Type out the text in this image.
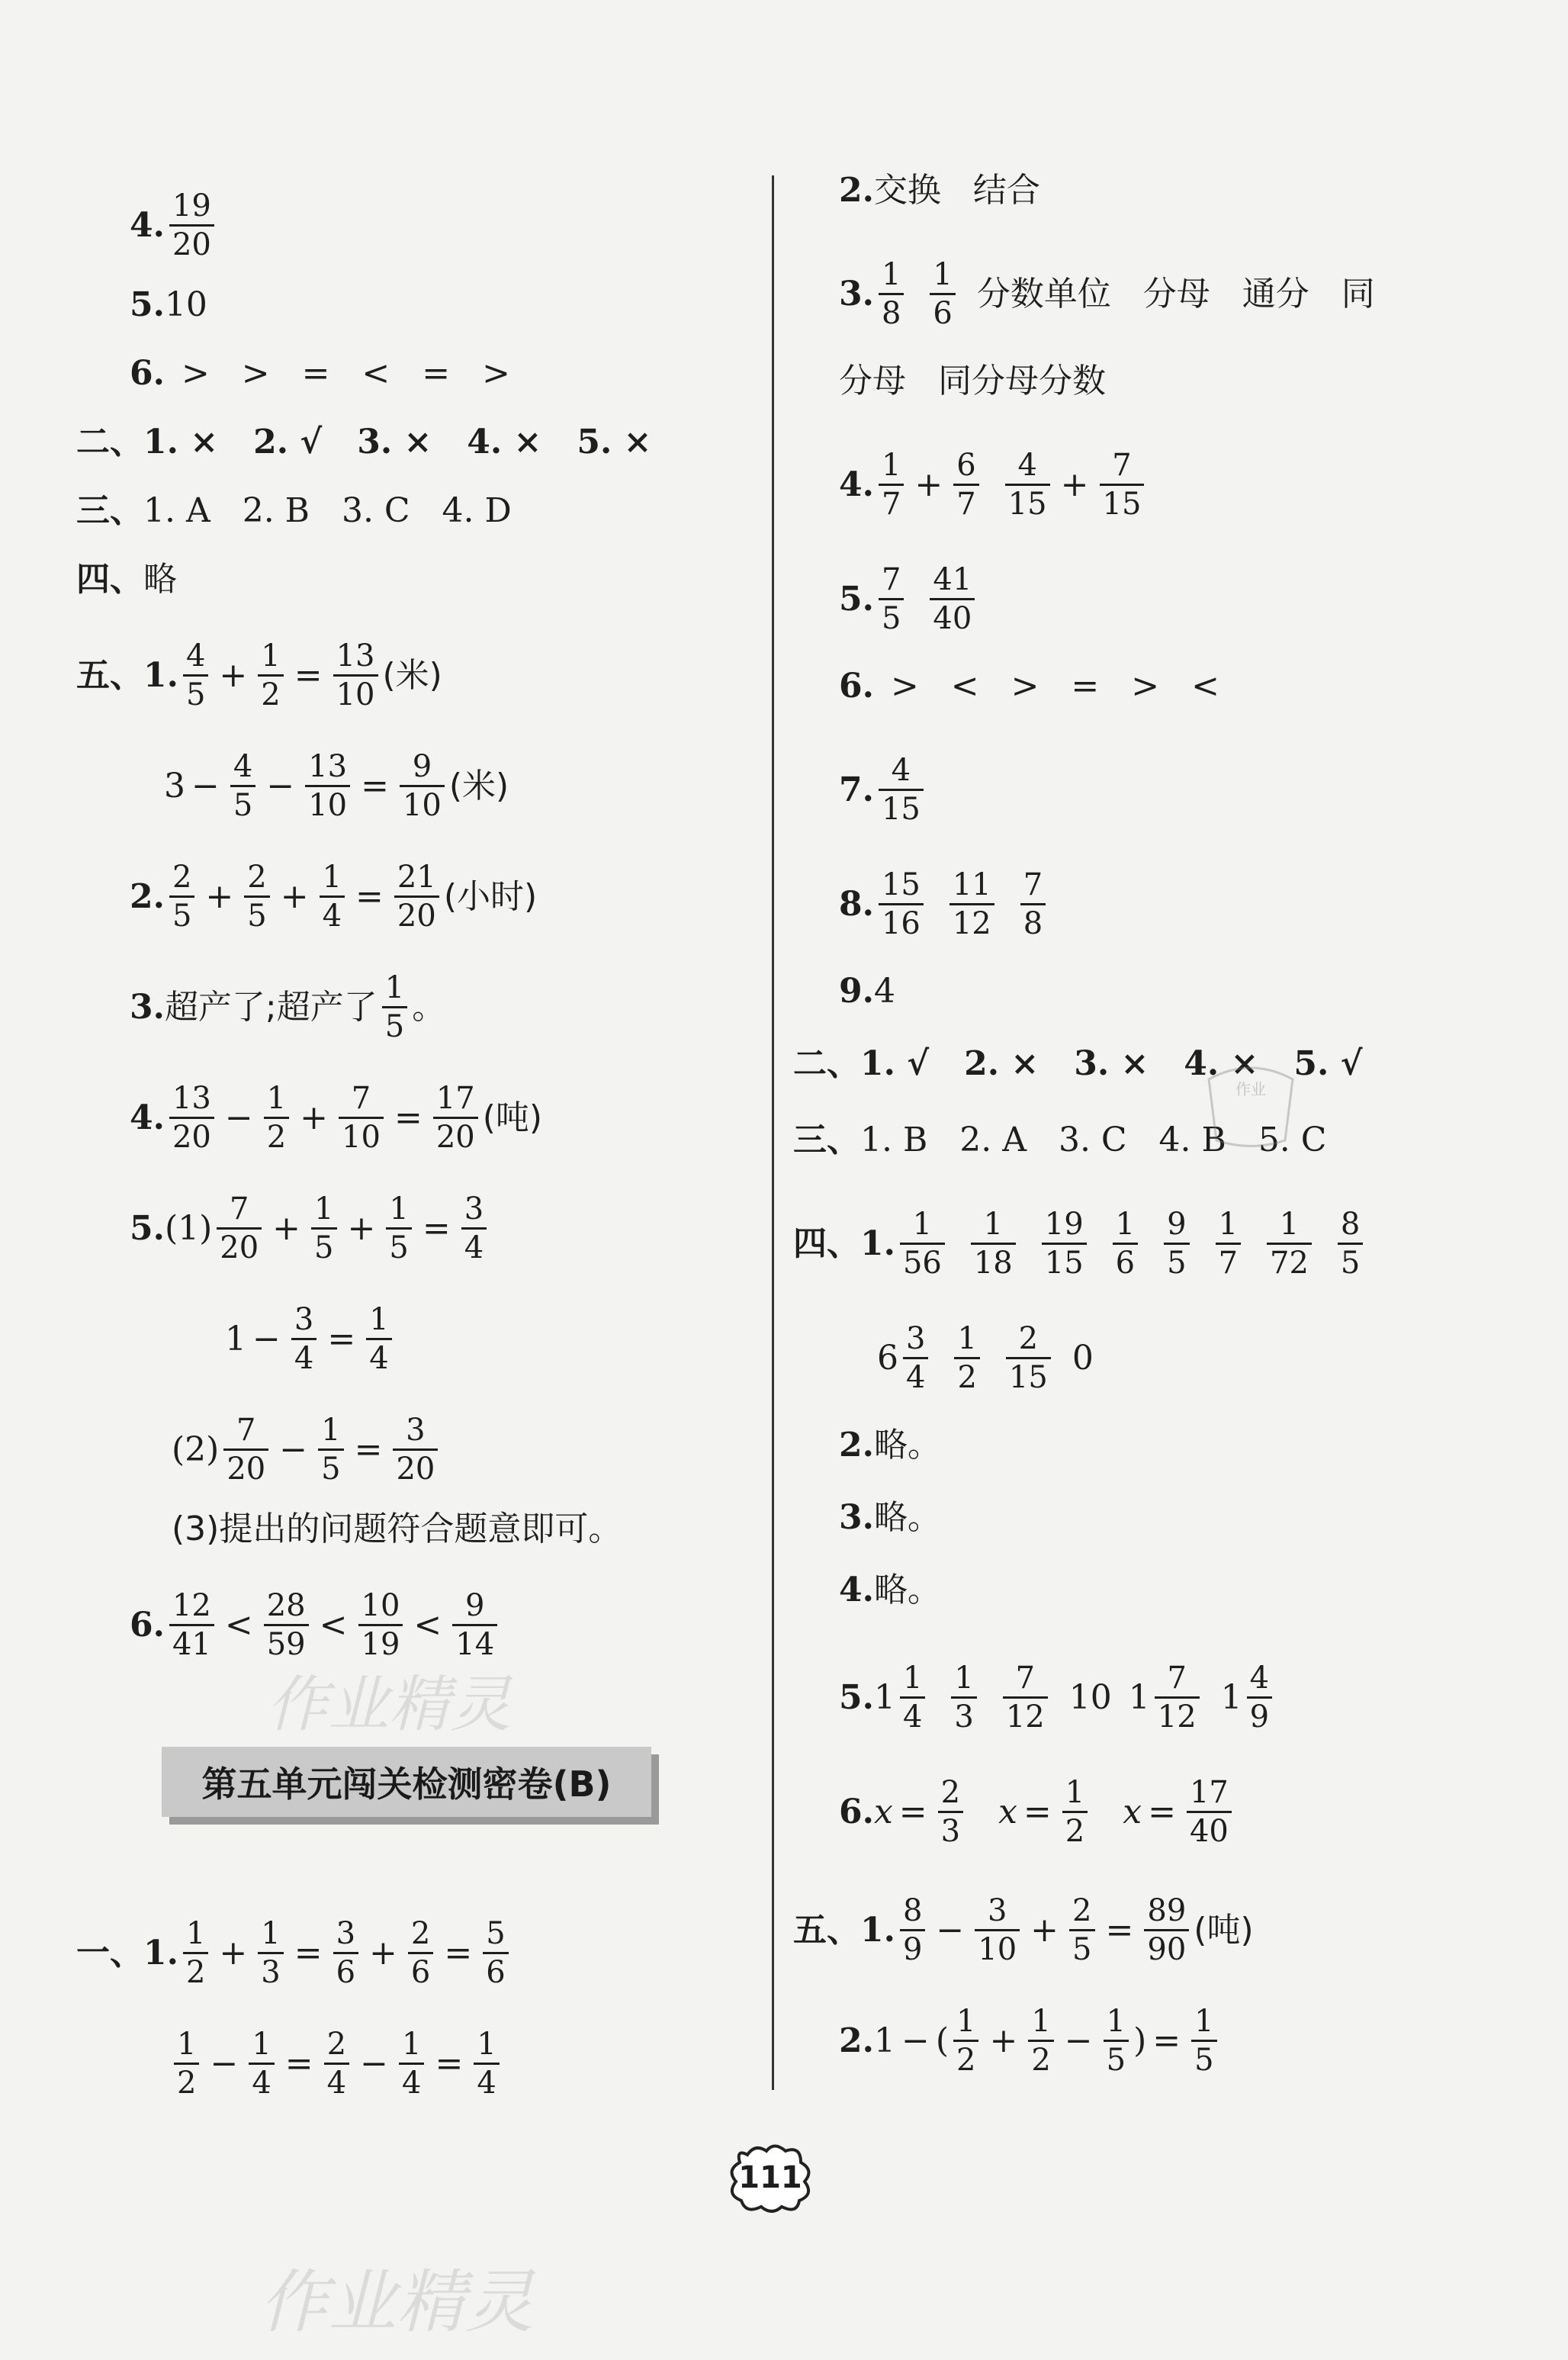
4. $\frac{19}{20}$
5. 10
6. >   >   =   <   =   >
二、 1. ×   2. √   3. ×   4. ×   5. ×
三、 1. A   2. B   3. C   4. D
四、 略
五、 1. $\frac{4}{5} + \frac{1}{2} = \frac{13}{10}$ (米)
$3 - \frac{4}{5} - \frac{13}{10} = \frac{9}{10}$ (米)
2. $\frac{2}{5} + \frac{2}{5} + \frac{1}{4} = \frac{21}{20}$ (小时)
3. 超产了;超产了 $\frac{1}{5}$ 。
4. $\frac{13}{20} - \frac{1}{2} + \frac{7}{10} = \frac{17}{20}$ (吨)
5. $(1) \frac{7}{20} + \frac{1}{5} + \frac{1}{5} = \frac{3}{4}$
$1 - \frac{3}{4} = \frac{1}{4}$
$(2) \frac{7}{20} - \frac{1}{5} = \frac{3}{20}$
(3)提出的问题符合题意即可。
6. $\frac{12}{41} < \frac{28}{59} < \frac{10}{19} < \frac{9}{14}$
作业精灵
第五单元闯关检测密卷(B)
一、 1. $\frac{1}{2} + \frac{1}{3} = \frac{3}{6} + \frac{2}{6} = \frac{5}{6}$
$\frac{1}{2} - \frac{1}{4} = \frac{2}{4} - \frac{1}{4} = \frac{1}{4}$
2. 交换   结合
3. $\frac{1}{8} \frac{1}{6}$ 分数单位   分母   通分   同
分母   同分母分数
4. $\frac{1}{7} + \frac{6}{7} \frac{4}{15} + \frac{7}{15}$
5. $\frac{7}{5} \frac{41}{40}$
6. >   <   >   =   >   <
7. $\frac{4}{15}$
8. $\frac{15}{16} \frac{11}{12} \frac{7}{8}$
9. 4
二、 1. √   2. ×   3. ×   4. ×   5. √
三、 1. B   2. A   3. C   4. B   5. C
作业
四、 1. $\frac{1}{56} \frac{1}{18} \frac{19}{15} \frac{1}{6} \frac{9}{5} \frac{1}{7} \frac{1}{72} \frac{8}{5}$
$6 \frac{3}{4} \frac{1}{2} \frac{2}{15} 0$
2. 略。
3. 略。
4. 略。
5. $1 \frac{1}{4} \frac{1}{3} \frac{7}{12} 10$ $1 \frac{7}{12} 1 \frac{4}{9}$
6. $x = \frac{2}{3}$ $x = \frac{1}{2}$ $x = \frac{17}{40}$
五、 1. $\frac{8}{9} - \frac{3}{10} + \frac{2}{5} = \frac{89}{90}$ (吨)
2. 1 − ( $\frac{1}{2} + \frac{1}{2} - \frac{1}{5}$ ) = $\frac{1}{5}$
111
作业精灵
